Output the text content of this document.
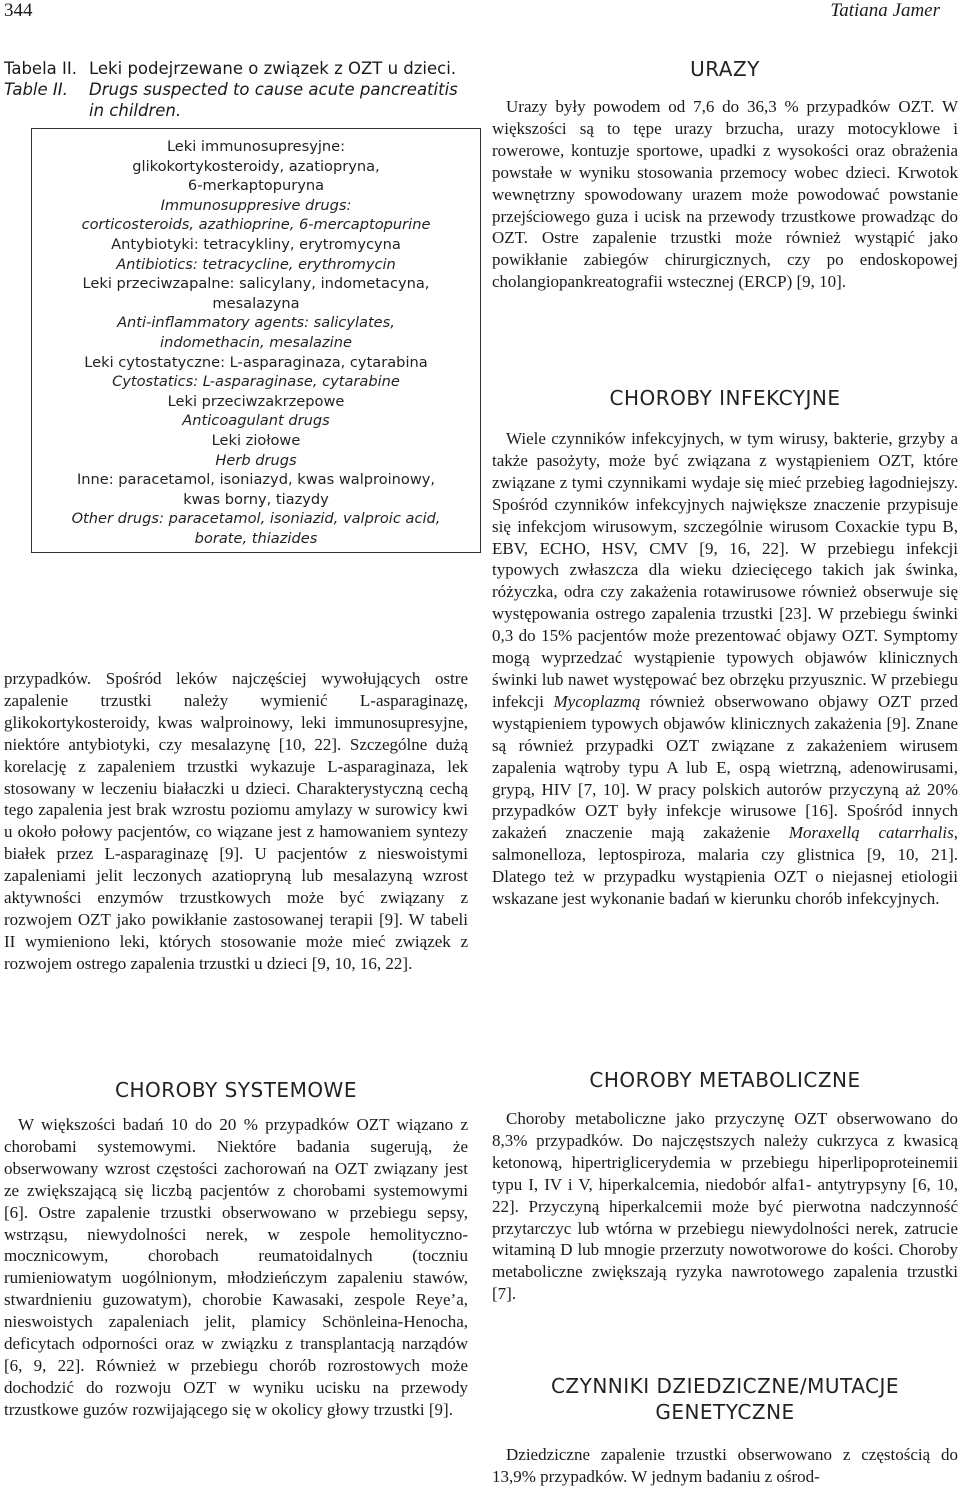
344	Tatiana Jamer
Tabela II. Leki podejrzewane o związek z OZT u dzieci.
Table II.	Drugs suspected to cause acute pancreatitis in children.
Leki immunosupresyjne:
glikokortykosteroidy, azatiopryna,
6-merkaptopuryna
Immunosuppresive drugs:
corticosteroids, azathioprine, 6-mercaptopurine
Antybiotyki: tetracykliny, erytromycyna
Antibiotics: tetracycline, erythromycin
Leki przeciwzapalne: salicylany, indometacyna,
mesalazyna
Anti-inflammatory agents: salicylates,
indomethacin, mesalazine
Leki cytostatyczne: L-asparaginaza, cytarabina
Cytostatics: L-asparaginase, cytarabine
Leki przeciwzakrzepowe
Anticoagulant drugs
Leki ziołowe
Herb drugs
Inne: paracetamol, isoniazyd, kwas walproinowy,
kwas borny, tiazydy
Other drugs: paracetamol, isoniazid, valproic acid,
borate, thiazides

przypadków. Spośród leków najczęściej wywołujących ostre zapalenie trzustki należy wymienić L-asparaginazę, glikokortykosteroidy, kwas walproinowy, leki immunosupresyjne, niektóre antybiotyki, czy mesalazynę [10, 22]. Szczególne dużą korelację z zapaleniem trzustki wykazuje L-asparaginaza, lek stosowany w leczeniu białaczki u dzieci. Charakterystyczną cechą tego zapalenia jest brak wzrostu poziomu amylazy w surowicy kwi u około połowy pacjentów, co wiązane jest z hamowaniem syntezy białek przez L-asparaginazę [9]. U pacjentów z nieswoistymi zapaleniami jelit leczonych azatiopryną lub mesalazyną wzrost aktywności enzymów trzustkowych może być związany z rozwojem OZT jako powikłanie zastosowanej terapii [9]. W tabeli II wymieniono leki, których stosowanie może mieć związek z rozwojem ostrego zapalenia trzustki u dzieci [9, 10, 16, 22].

CHOROBY SYSTEMOWE

W większości badań 10 do 20 % przypadków OZT wiązano z chorobami systemowymi. Niektóre badania sugerują, że obserwowany wzrost częstości zachorowań na OZT związany jest ze zwiększającą się liczbą pacjentów z chorobami systemowymi [6]. Ostre zapalenie trzustki obserwowano w przebiegu sepsy, wstrząsu, niewydolności nerek, w zespole hemolityczno-mocznicowym, chorobach reumatoidalnych (toczniu rumieniowatym uogólnionym, młodzieńczym zapaleniu stawów, stwardnieniu guzowatym), chorobie Kawasaki, zespole Reye’a, nieswoistych zapaleniach jelit, plamicy Schönleina-Henocha, deficytach odporności oraz w związku z transplantacją narządów [6, 9, 22]. Również w przebiegu chorób rozrostowych może dochodzić do rozwoju OZT w wyniku ucisku na przewody trzustkowe guzów rozwijającego się w okolicy głowy trzustki [9].

URAZY

Urazy były powodem od 7,6 do 36,3 % przypadków OZT. W większości są to tępe urazy brzucha, urazy motocyklowe i rowerowe, kontuzje sportowe, upadki z wysokości oraz obrażenia powstałe w wyniku stosowania przemocy wobec dzieci. Krwotok wewnętrzny spowodowany urazem może powodować powstanie przejściowego guza i ucisk na przewody trzustkowe prowadząc do OZT. Ostre zapalenie trzustki może również wystąpić jako powikłanie zabiegów chirurgicznych, czy po endoskopowej cholangiopankreatografii wstecznej (ERCP) [9, 10].

CHOROBY INFEKCYJNE

Wiele czynników infekcyjnych, w tym wirusy, bakterie, grzyby a także pasożyty, może być związana z wystąpieniem OZT, które związane z tymi czynnikami wydaje się mieć przebieg łagodniejszy. Spośród czynników infekcyjnych największe znaczenie przypisuje się infekcjom wirusowym, szczególnie wirusom Coxackie typu B, EBV, ECHO, HSV, CMV [9, 16, 22]. W przebiegu infekcji typowych zwłaszcza dla wieku dziecięcego takich jak świnka, różyczka, odra czy zakażenia rotawirusowe również obserwuje się występowania ostrego zapalenia trzustki [23]. W przebiegu świnki 0,3 do 15% pacjentów może prezentować objawy OZT. Symptomy mogą wyprzedzać wystąpienie typowych objawów klinicznych świnki lub nawet występować bez obrzęku przyusznic. W przebiegu infekcji Mycoplazmą również obserwowano objawy OZT przed wystąpieniem typowych objawów klinicznych zakażenia [9]. Znane są również przypadki OZT związane z zakażeniem wirusem zapalenia wątroby typu A lub E, ospą wietrzną, adenowirusami, grypą, HIV [7, 10]. W pracy polskich autorów przyczyną aż 20% przypadków OZT były infekcje wirusowe [16]. Spośród innych zakażeń znaczenie mają zakażenie Moraxellą catarrhalis, salmonelloza, leptospiroza, malaria czy glistnica [9, 10, 21]. Dlatego też w przypadku wystąpienia OZT o niejasnej etiologii wskazane jest wykonanie badań w kierunku chorób infekcyjnych.

CHOROBY METABOLICZNE

Choroby metaboliczne jako przyczynę OZT obserwowano do 8,3% przypadków. Do najczęstszych należy cukrzyca z kwasicą ketonową, hipertriglicerydemia w przebiegu hiperlipoproteinemii typu I, IV i V, hiperkalcemia, niedobór alfa1- antytrypsyny [6, 10, 22]. Przyczyną hiperkalcemii może być pierwotna nadczynność przytarczyc lub wtórna w przebiegu niewydolności nerek, zatrucie witaminą D lub mnogie przerzuty nowotworowe do kości. Choroby metaboliczne zwiększają ryzyka nawrotowego zapalenia trzustki [7].

CZYNNIKI DZIEDZICZNE/MUTACJE GENETYCZNE

Dziedziczne zapalenie trzustki obserwowano z częstością do 13,9% przypadków. W jednym badaniu z ośrod-
